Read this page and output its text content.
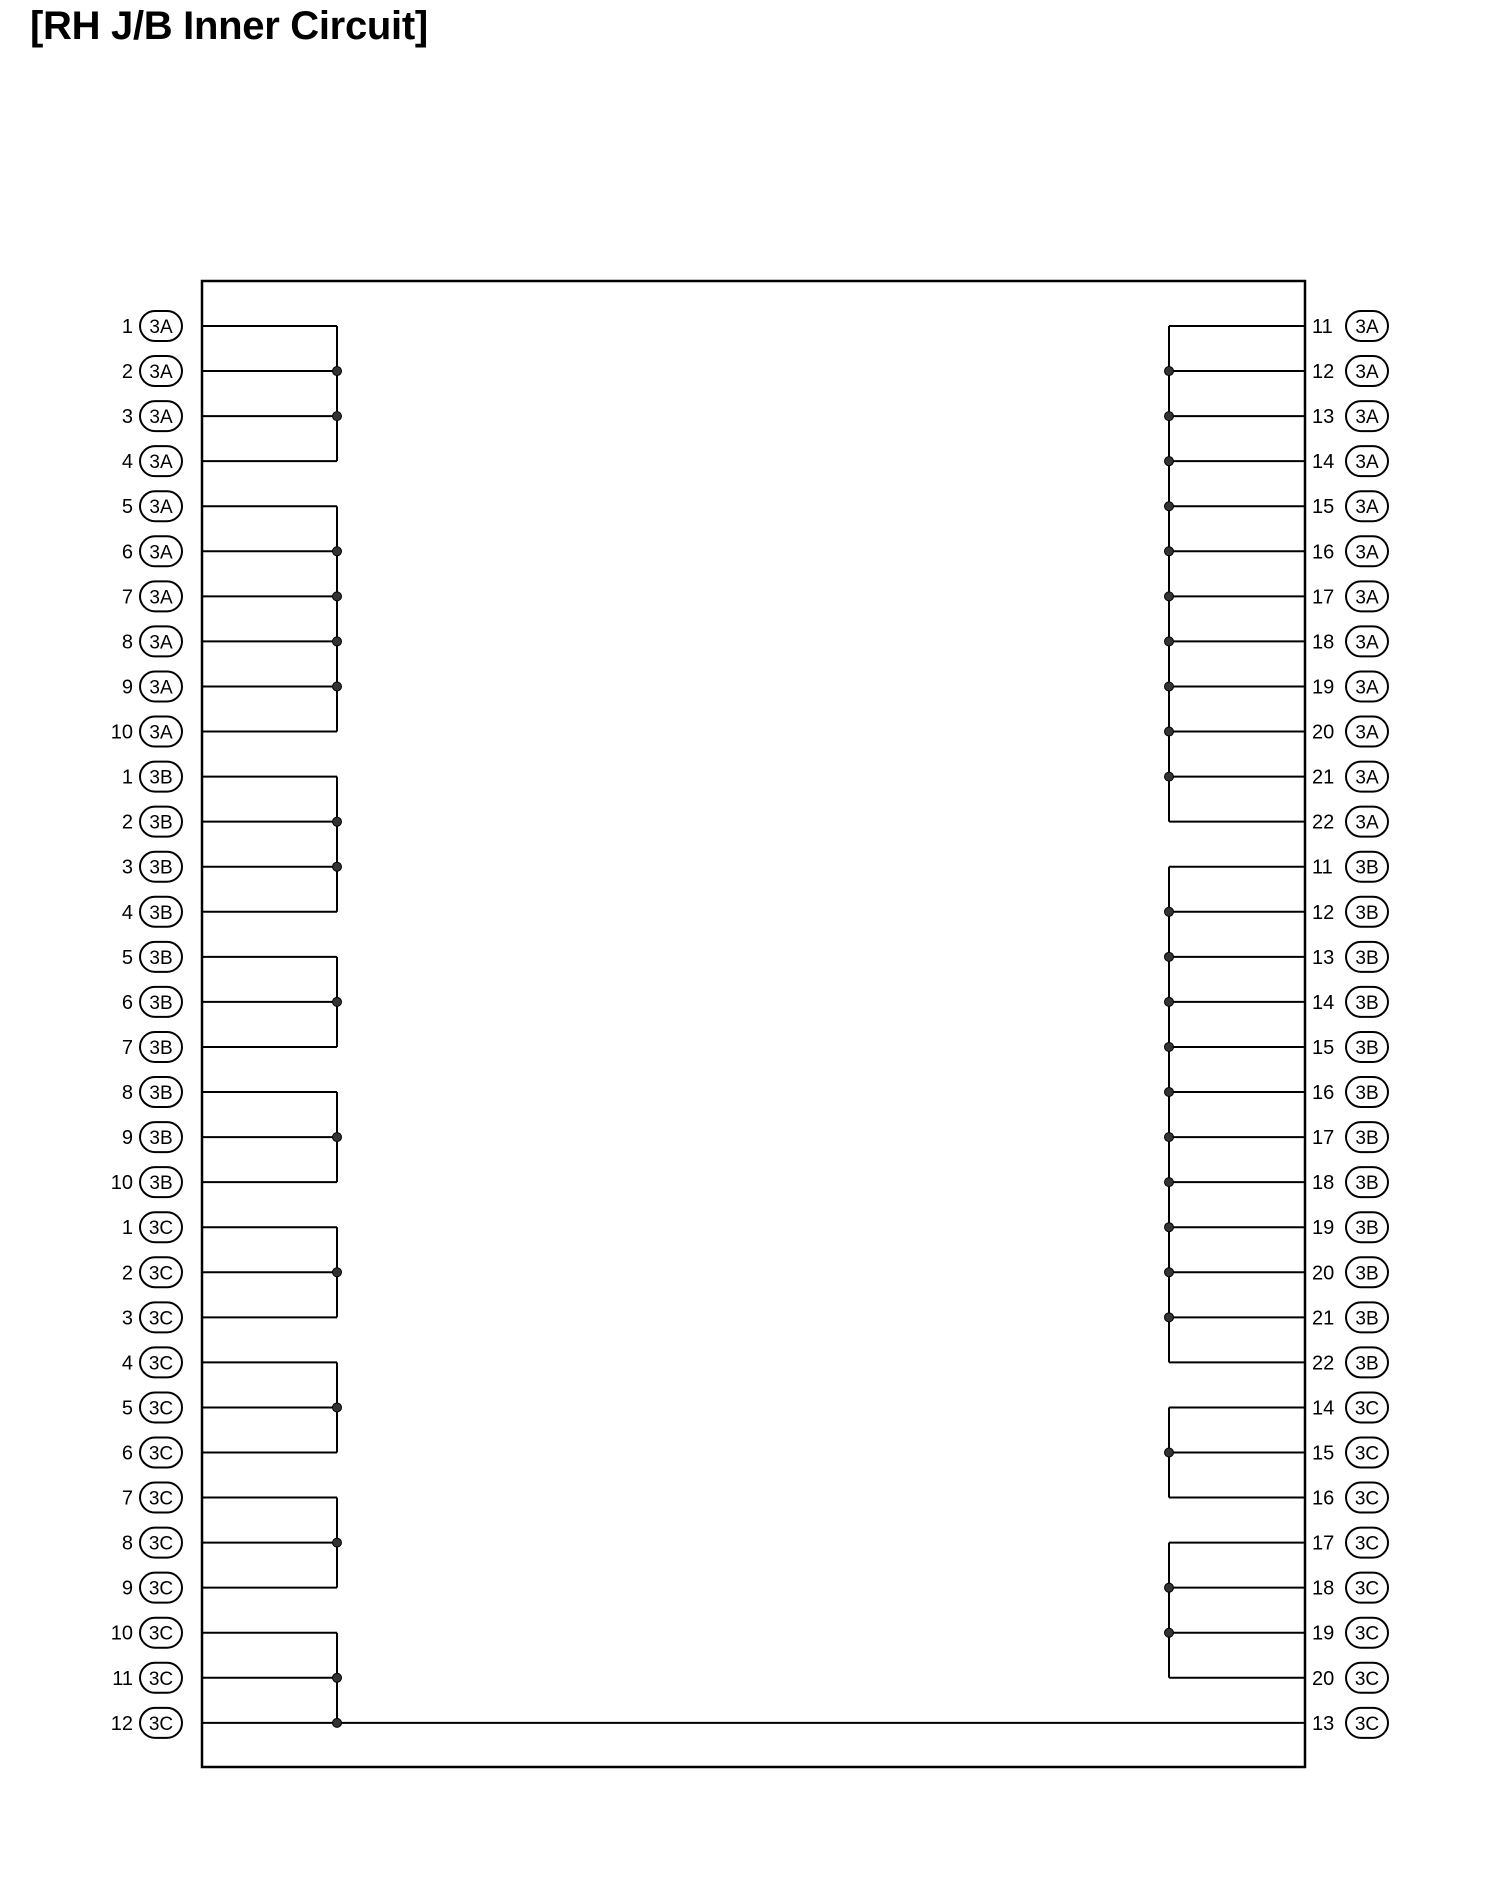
[RH J/B Inner Circuit]
1 3A
2 3A
3 3A
4 3A
5 3A
6 3A
7 3A
8 3A
9 3A
10 3A
1 3B
2 3B
3 3B
4 3B
5 3B
6 3B
7 3B
8 3B
9 3B
10 3B
1 3C
2 3C
3 3C
4 3C
5 3C
6 3C
7 3C
8 3C
9 3C
10 3C
11 3C
12 3C
11 3A
12 3A
13 3A
14 3A
15 3A
16 3A
17 3A
18 3A
19 3A
20 3A
21 3A
22 3A
11 3B
12 3B
13 3B
14 3B
15 3B
16 3B
17 3B
18 3B
19 3B
20 3B
21 3B
22 3B
14 3C
15 3C
16 3C
17 3C
18 3C
19 3C
20 3C
13 3C
